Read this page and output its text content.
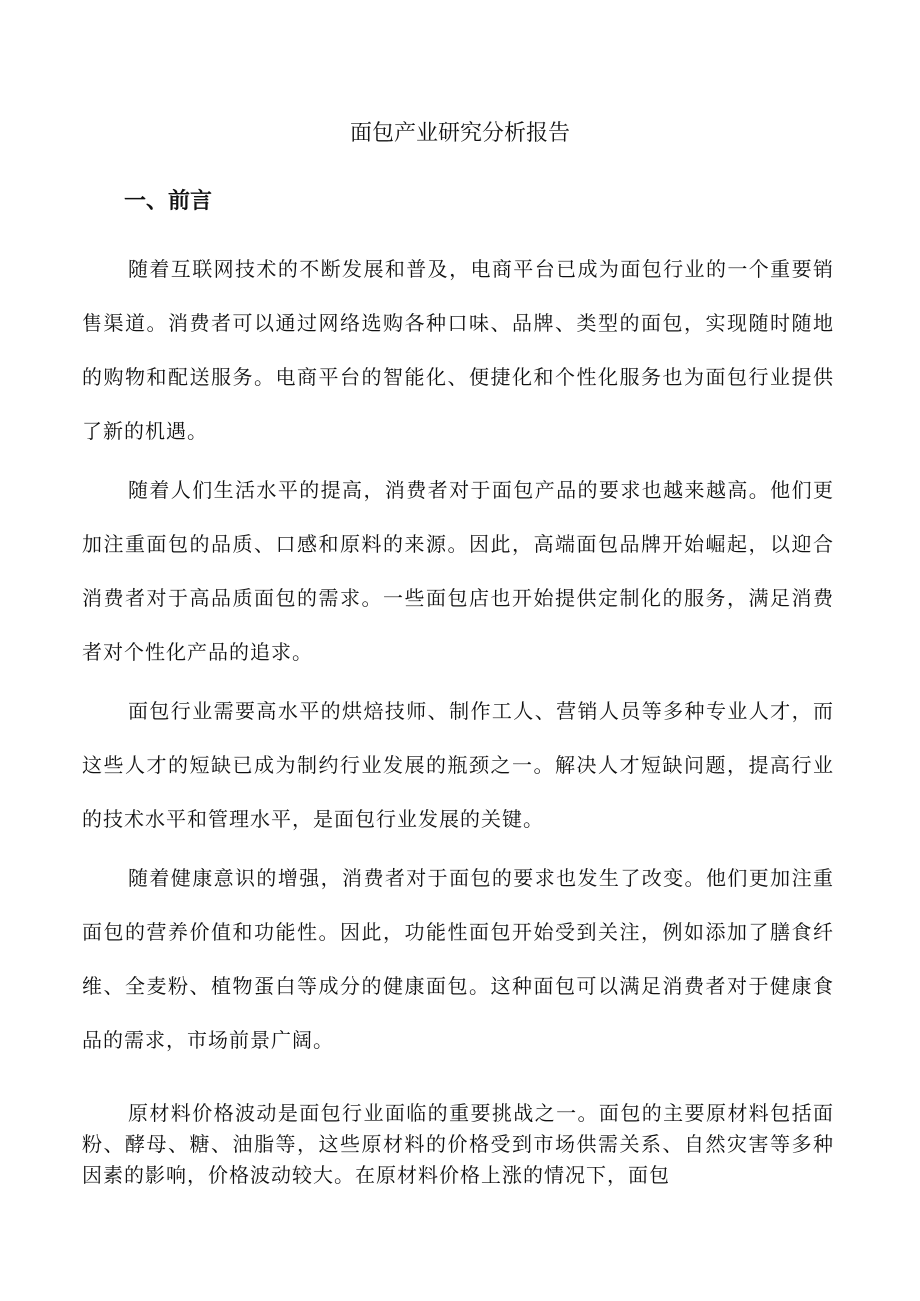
面包产业研究分析报告
一、前言

随着互联网技术的不断发展和普及，电商平台已成为面包行业的一个重要销售渠道。消费者可以通过网络选购各种口味、品牌、类型的面包，实现随时随地的购物和配送服务。电商平台的智能化、便捷化和个性化服务也为面包行业提供了新的机遇。

随着人们生活水平的提高，消费者对于面包产品的要求也越来越高。他们更加注重面包的品质、口感和原料的来源。因此，高端面包品牌开始崛起，以迎合消费者对于高品质面包的需求。一些面包店也开始提供定制化的服务，满足消费者对个性化产品的追求。

面包行业需要高水平的烘焙技师、制作工人、营销人员等多种专业人才，而这些人才的短缺已成为制约行业发展的瓶颈之一。解决人才短缺问题，提高行业的技术水平和管理水平，是面包行业发展的关键。

随着健康意识的增强，消费者对于面包的要求也发生了改变。他们更加注重面包的营养价值和功能性。因此，功能性面包开始受到关注，例如添加了膳食纤维、全麦粉、植物蛋白等成分的健康面包。这种面包可以满足消费者对于健康食品的需求，市场前景广阔。

原材料价格波动是面包行业面临的重要挑战之一。面包的主要原材料包括面粉、酵母、糖、油脂等，这些原材料的价格受到市场供需关系、自然灾害等多种因素的影响，价格波动较大。在原材料价格上涨的情况下，面包
